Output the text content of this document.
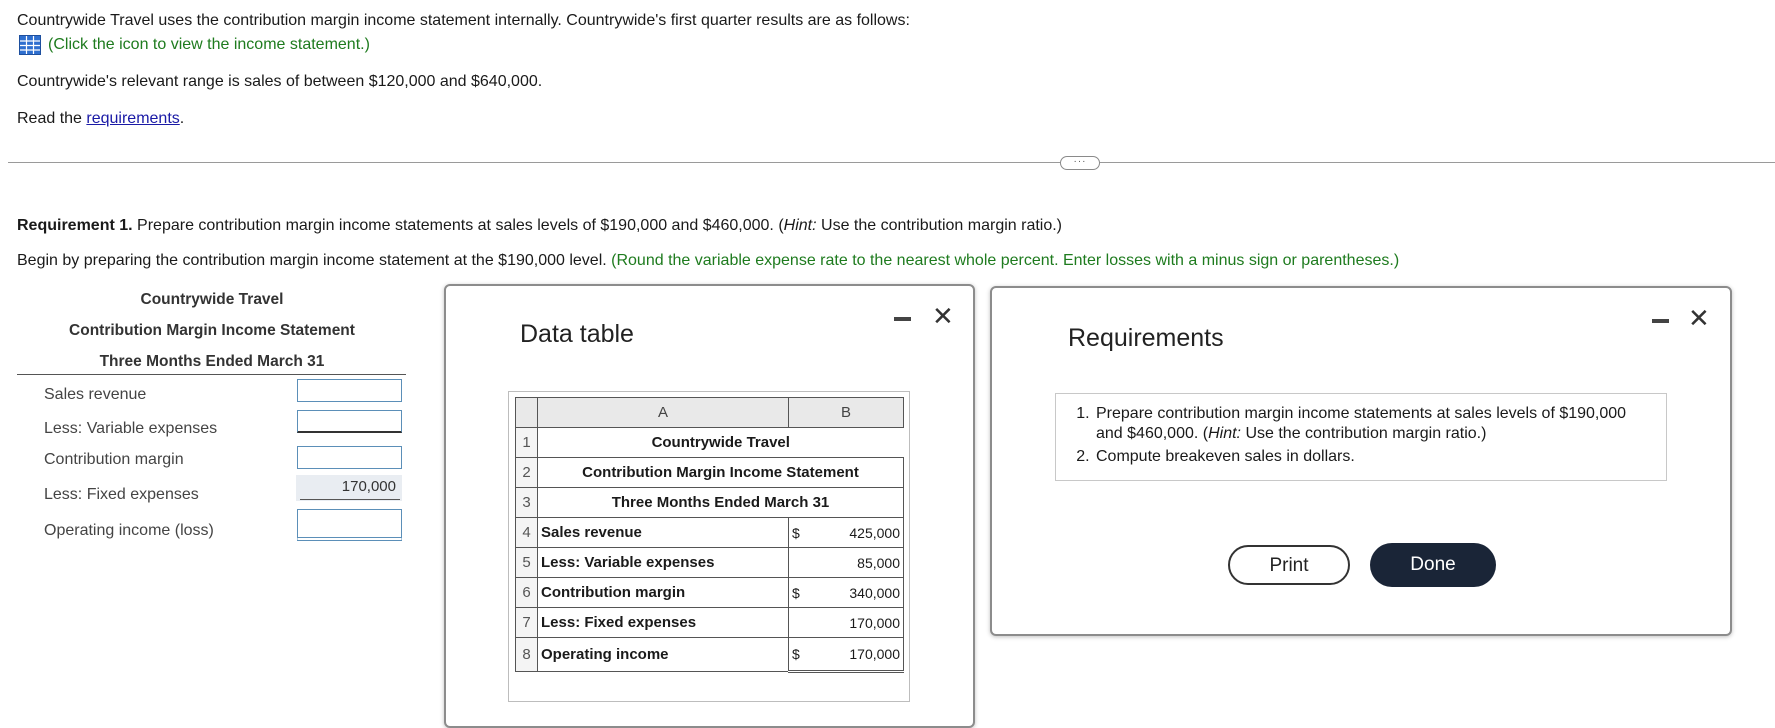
Countrywide Travel uses the contribution margin income statement internally. Countrywide's first quarter results are as follows:
(Click the icon to view the income statement.)
Countrywide's relevant range is sales of between $120,000 and $640,000.
Read the requirements.
···
Requirement 1. Prepare contribution margin income statements at sales levels of $190,000 and $460,000. (Hint: Use the contribution margin ratio.)
Begin by preparing the contribution margin income statement at the $190,000 level. (Round the variable expense rate to the nearest whole percent. Enter losses with a minus sign or parentheses.)
Countrywide Travel
Contribution Margin Income Statement
Three Months Ended March 31
Sales revenue
Less: Variable expenses
Contribution margin
Less: Fixed expenses	170,000
Operating income (loss)
Data table
✕
	A	B	
1	Countrywide Travel		
2	Contribution Margin Income Statement		
3	Three Months Ended March 31		
4	Sales revenue	$	425,000
5	Less: Variable expenses		85,000
6	Contribution margin	$	340,000
7	Less: Fixed expenses		170,000
8	Operating income	$	170,000
Requirements
✕
1. Prepare contribution margin income statements at sales levels of $190,000 and $460,000. (Hint: Use the contribution margin ratio.)
2. Compute breakeven sales in dollars.
Print	Done
